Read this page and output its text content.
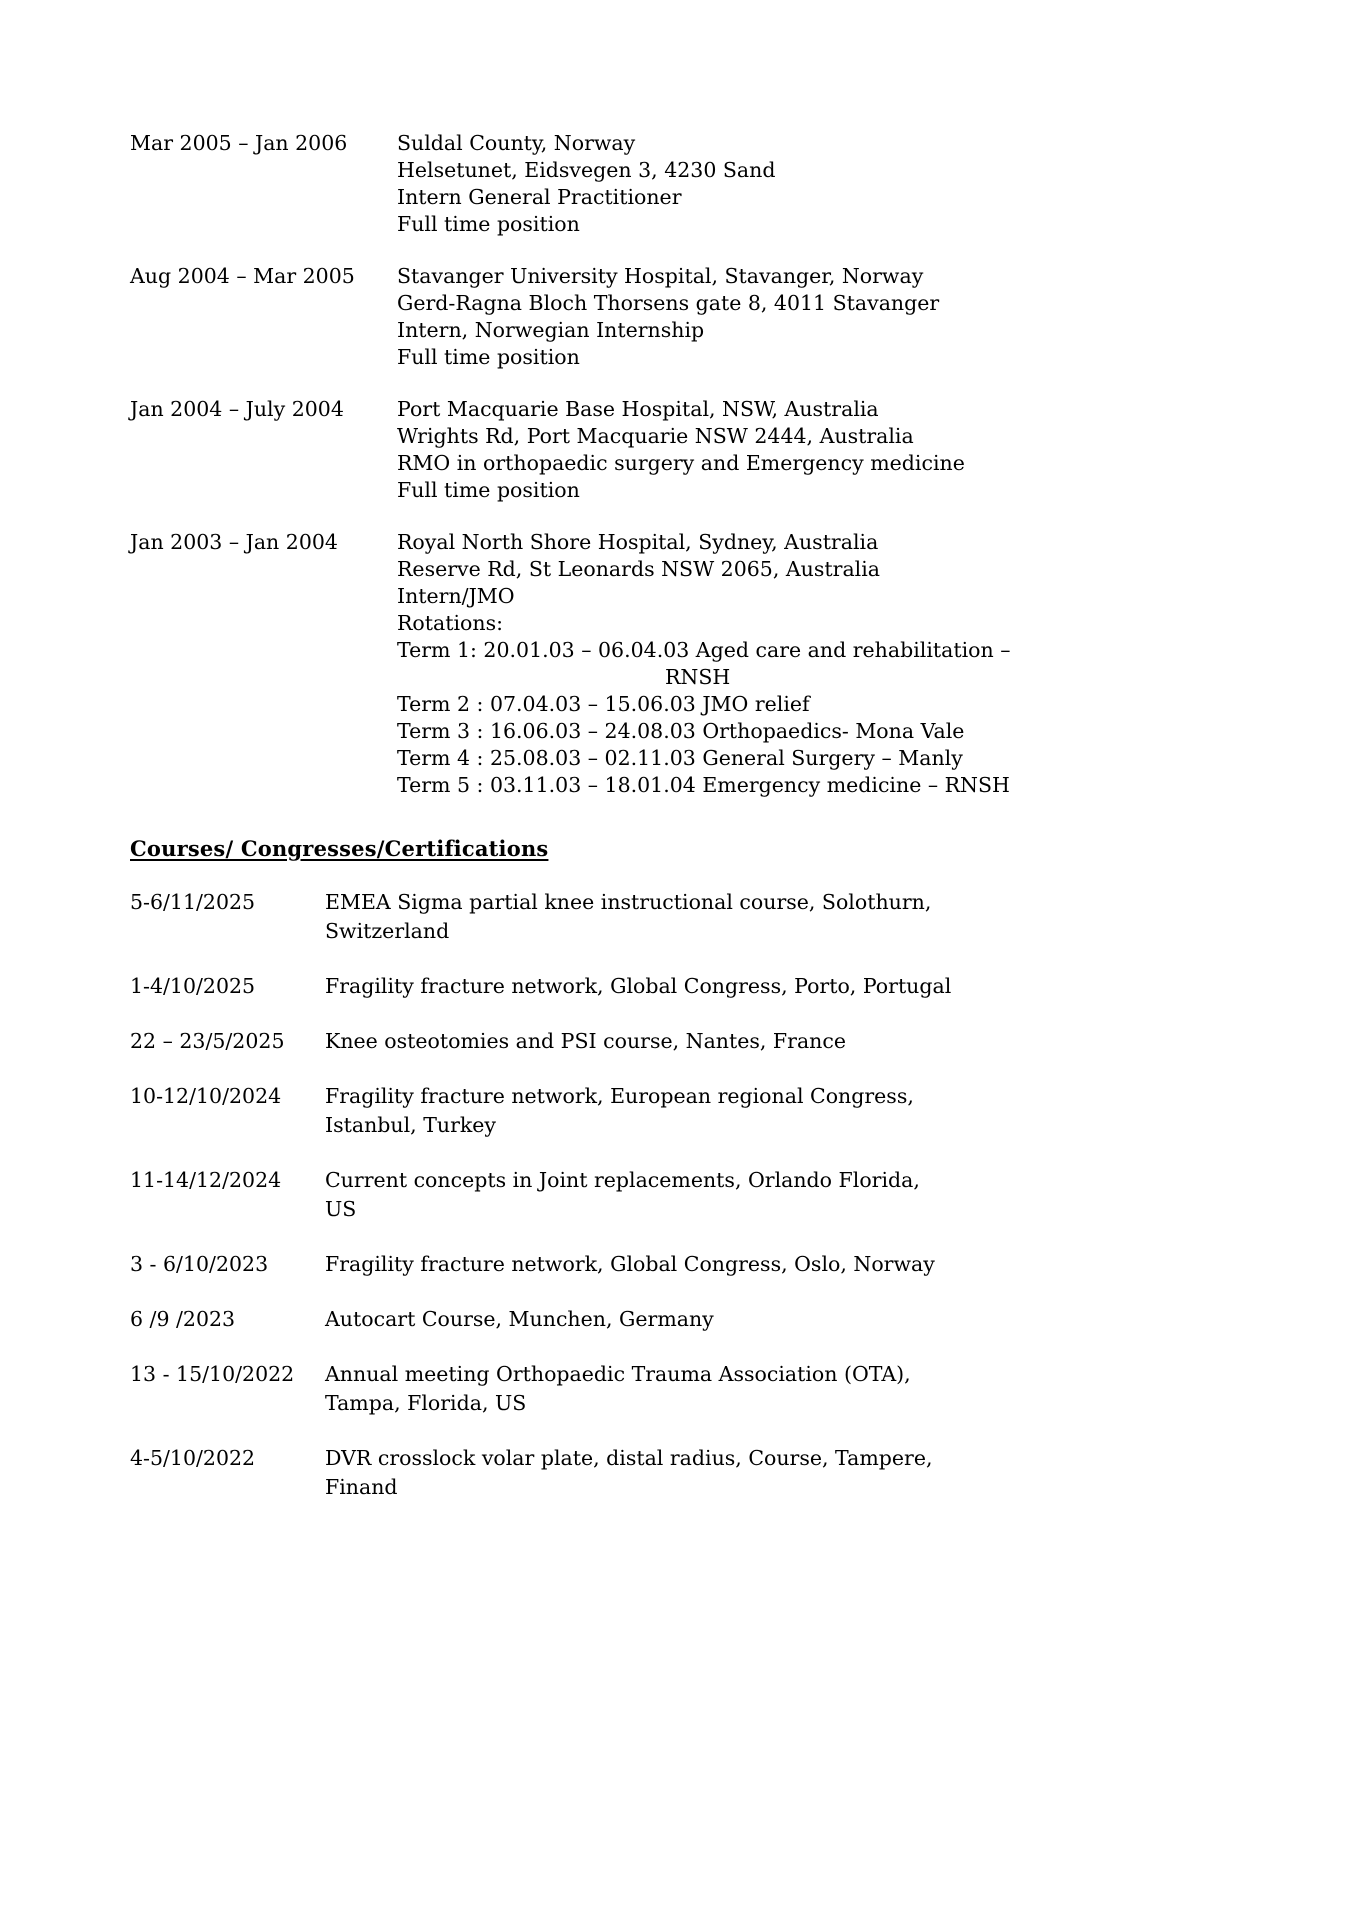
Mar 2005 – Jan 2006	Suldal County, Norway
Helsetunet, Eidsvegen 3, 4230 Sand
Intern General Practitioner
Full time position
Aug 2004 – Mar 2005	Stavanger University Hospital, Stavanger, Norway
Gerd-Ragna Bloch Thorsens gate 8, 4011 Stavanger
Intern, Norwegian Internship
Full time position
Jan 2004 – July 2004	Port Macquarie Base Hospital, NSW, Australia
Wrights Rd, Port Macquarie NSW 2444, Australia
RMO in orthopaedic surgery and Emergency medicine
Full time position
Jan 2003 – Jan 2004	Royal North Shore Hospital, Sydney, Australia
Reserve Rd, St Leonards NSW 2065, Australia
Intern/JMO
Rotations:
Term 1: 20.01.03 – 06.04.03 Aged care and rehabilitation –
RNSH
Term 2 : 07.04.03 – 15.06.03 JMO relief
Term 3 : 16.06.03 – 24.08.03 Orthopaedics- Mona Vale
Term 4 : 25.08.03 – 02.11.03 General Surgery – Manly
Term 5 : 03.11.03 – 18.01.04 Emergency medicine – RNSH
Courses/ Congresses/Certifications
5-6/11/2025	EMEA Sigma partial knee instructional course, Solothurn, Switzerland
1-4/10/2025	Fragility fracture network, Global Congress, Porto, Portugal
22 – 23/5/2025	Knee osteotomies and PSI course, Nantes, France
10-12/10/2024	Fragility fracture network, European regional Congress, Istanbul, Turkey
11-14/12/2024	Current concepts in Joint replacements, Orlando Florida, US
3 - 6/10/2023	Fragility fracture network, Global Congress, Oslo, Norway
6 /9 /2023	Autocart Course, Munchen, Germany
13 - 15/10/2022	Annual meeting Orthopaedic Trauma Association (OTA), Tampa, Florida, US
4-5/10/2022	DVR crosslock volar plate, distal radius, Course, Tampere, Finand
